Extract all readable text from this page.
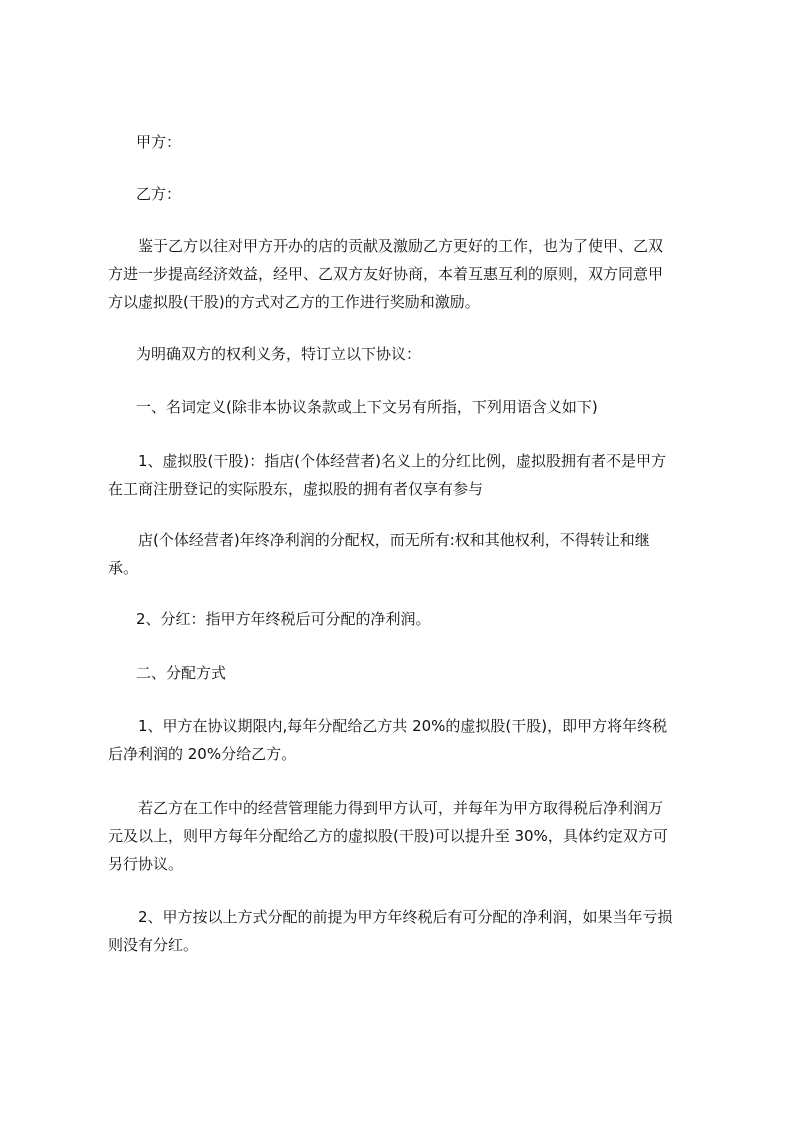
甲方：

乙方：

鉴于乙方以往对甲方开办的店的贡献及激励乙方更好的工作，也为了使甲、乙双
方进一步提高经济效益，经甲、乙双方友好协商，本着互惠互利的原则，双方同意甲
方以虚拟股(干股)的方式对乙方的工作进行奖励和激励。

为明确双方的权利义务，特订立以下协议：

一、名词定义(除非本协议条款或上下文另有所指，下列用语含义如下)

1、虚拟股(干股)：指店(个体经营者)名义上的分红比例，虚拟股拥有者不是甲方
在工商注册登记的实际股东，虚拟股的拥有者仅享有参与

店(个体经营者)年终净利润的分配权，而无所有:权和其他权利，不得转让和继
承。

2、分红：指甲方年终税后可分配的净利润。

二、分配方式

1、甲方在协议期限内,每年分配给乙方共 20%的虚拟股(干股)，即甲方将年终税
后净利润的 20%分给乙方。

若乙方在工作中的经营管理能力得到甲方认可，并每年为甲方取得税后净利润万
元及以上，则甲方每年分配给乙方的虚拟股(干股)可以提升至 30%，具体约定双方可
另行协议。

2、甲方按以上方式分配的前提为甲方年终税后有可分配的净利润，如果当年亏损
则没有分红。
